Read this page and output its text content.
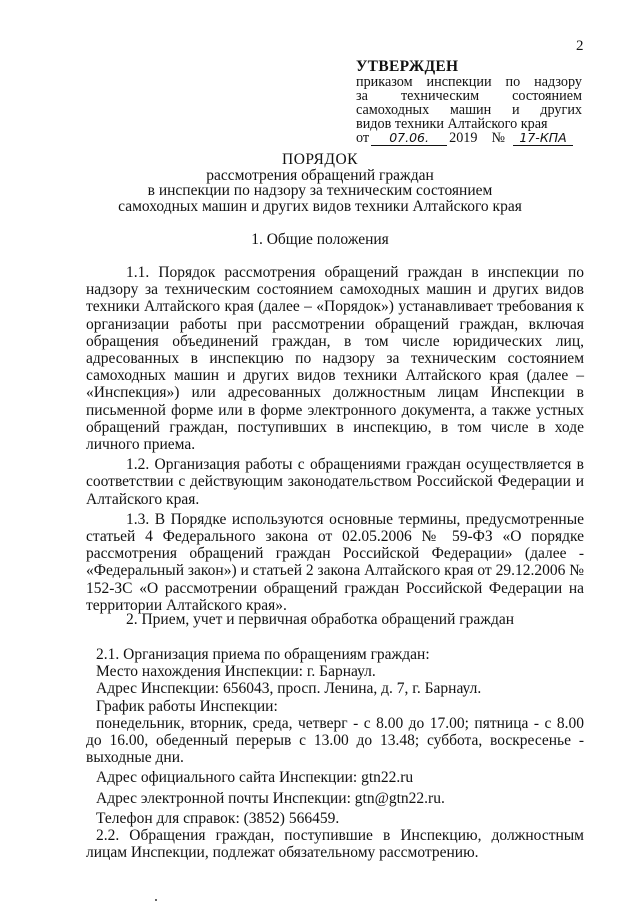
2
УТВЕРЖДЕН
приказом инспекции по надзору
за техническим состоянием
самоходных машин и других
видов техники Алтайского края
от	07.06.	2019 №	17-КПА
ПОРЯДОК
рассмотрения обращений граждан
в инспекции по надзору за техническим состоянием
самоходных машин и других видов техники Алтайского края
1. Общие положения

1.1. Порядок рассмотрения обращений граждан в инспекции по надзору за техническим состоянием самоходных машин и других видов техники Алтайского края (далее – «Порядок») устанавливает требования к организации работы при рассмотрении обращений граждан, включая обращения объединений граждан, в том числе юридических лиц, адресованных в инспекцию по надзору за техническим состоянием самоходных машин и других видов техники Алтайского края (далее – «Инспекция») или адресованных должностным лицам Инспекции в письменной форме или в форме электронного документа, а также устных обращений граждан, поступивших в инспекцию, в том числе в ходе личного приема.

1.2. Организация работы с обращениями граждан осуществляется в соответствии с действующим законодательством Российской Федерации и Алтайского края.

1.3. В Порядке используются основные термины, предусмотренные статьей 4 Федерального закона от 02.05.2006 № 59-ФЗ «О порядке рассмотрения обращений граждан Российской Федерации» (далее - «Федеральный закон») и статьей 2 закона Алтайского края от 29.12.2006 № 152-ЗС «О рассмотрении обращений граждан Российской Федерации на территории Алтайского края».

2. Прием, учет и первичная обработка обращений граждан
2.1. Организация приема по обращениям граждан:
Место нахождения Инспекции: г. Барнаул.
Адрес Инспекции: 656043, просп. Ленина, д. 7, г. Барнаул.
График работы Инспекции:
понедельник, вторник, среда, четверг - с 8.00 до 17.00; пятница - с 8.00 до 16.00, обеденный перерыв с 13.00 до 13.48; суббота, воскресенье - выходные дни.
Адрес официального сайта Инспекции: gtn22.ru
Адрес электронной почты Инспекции: gtn@gtn22.ru.
Телефон для справок: (3852) 566459.
2.2. Обращения граждан, поступившие в Инспекцию, должностным лицам Инспекции, подлежат обязательному рассмотрению.
